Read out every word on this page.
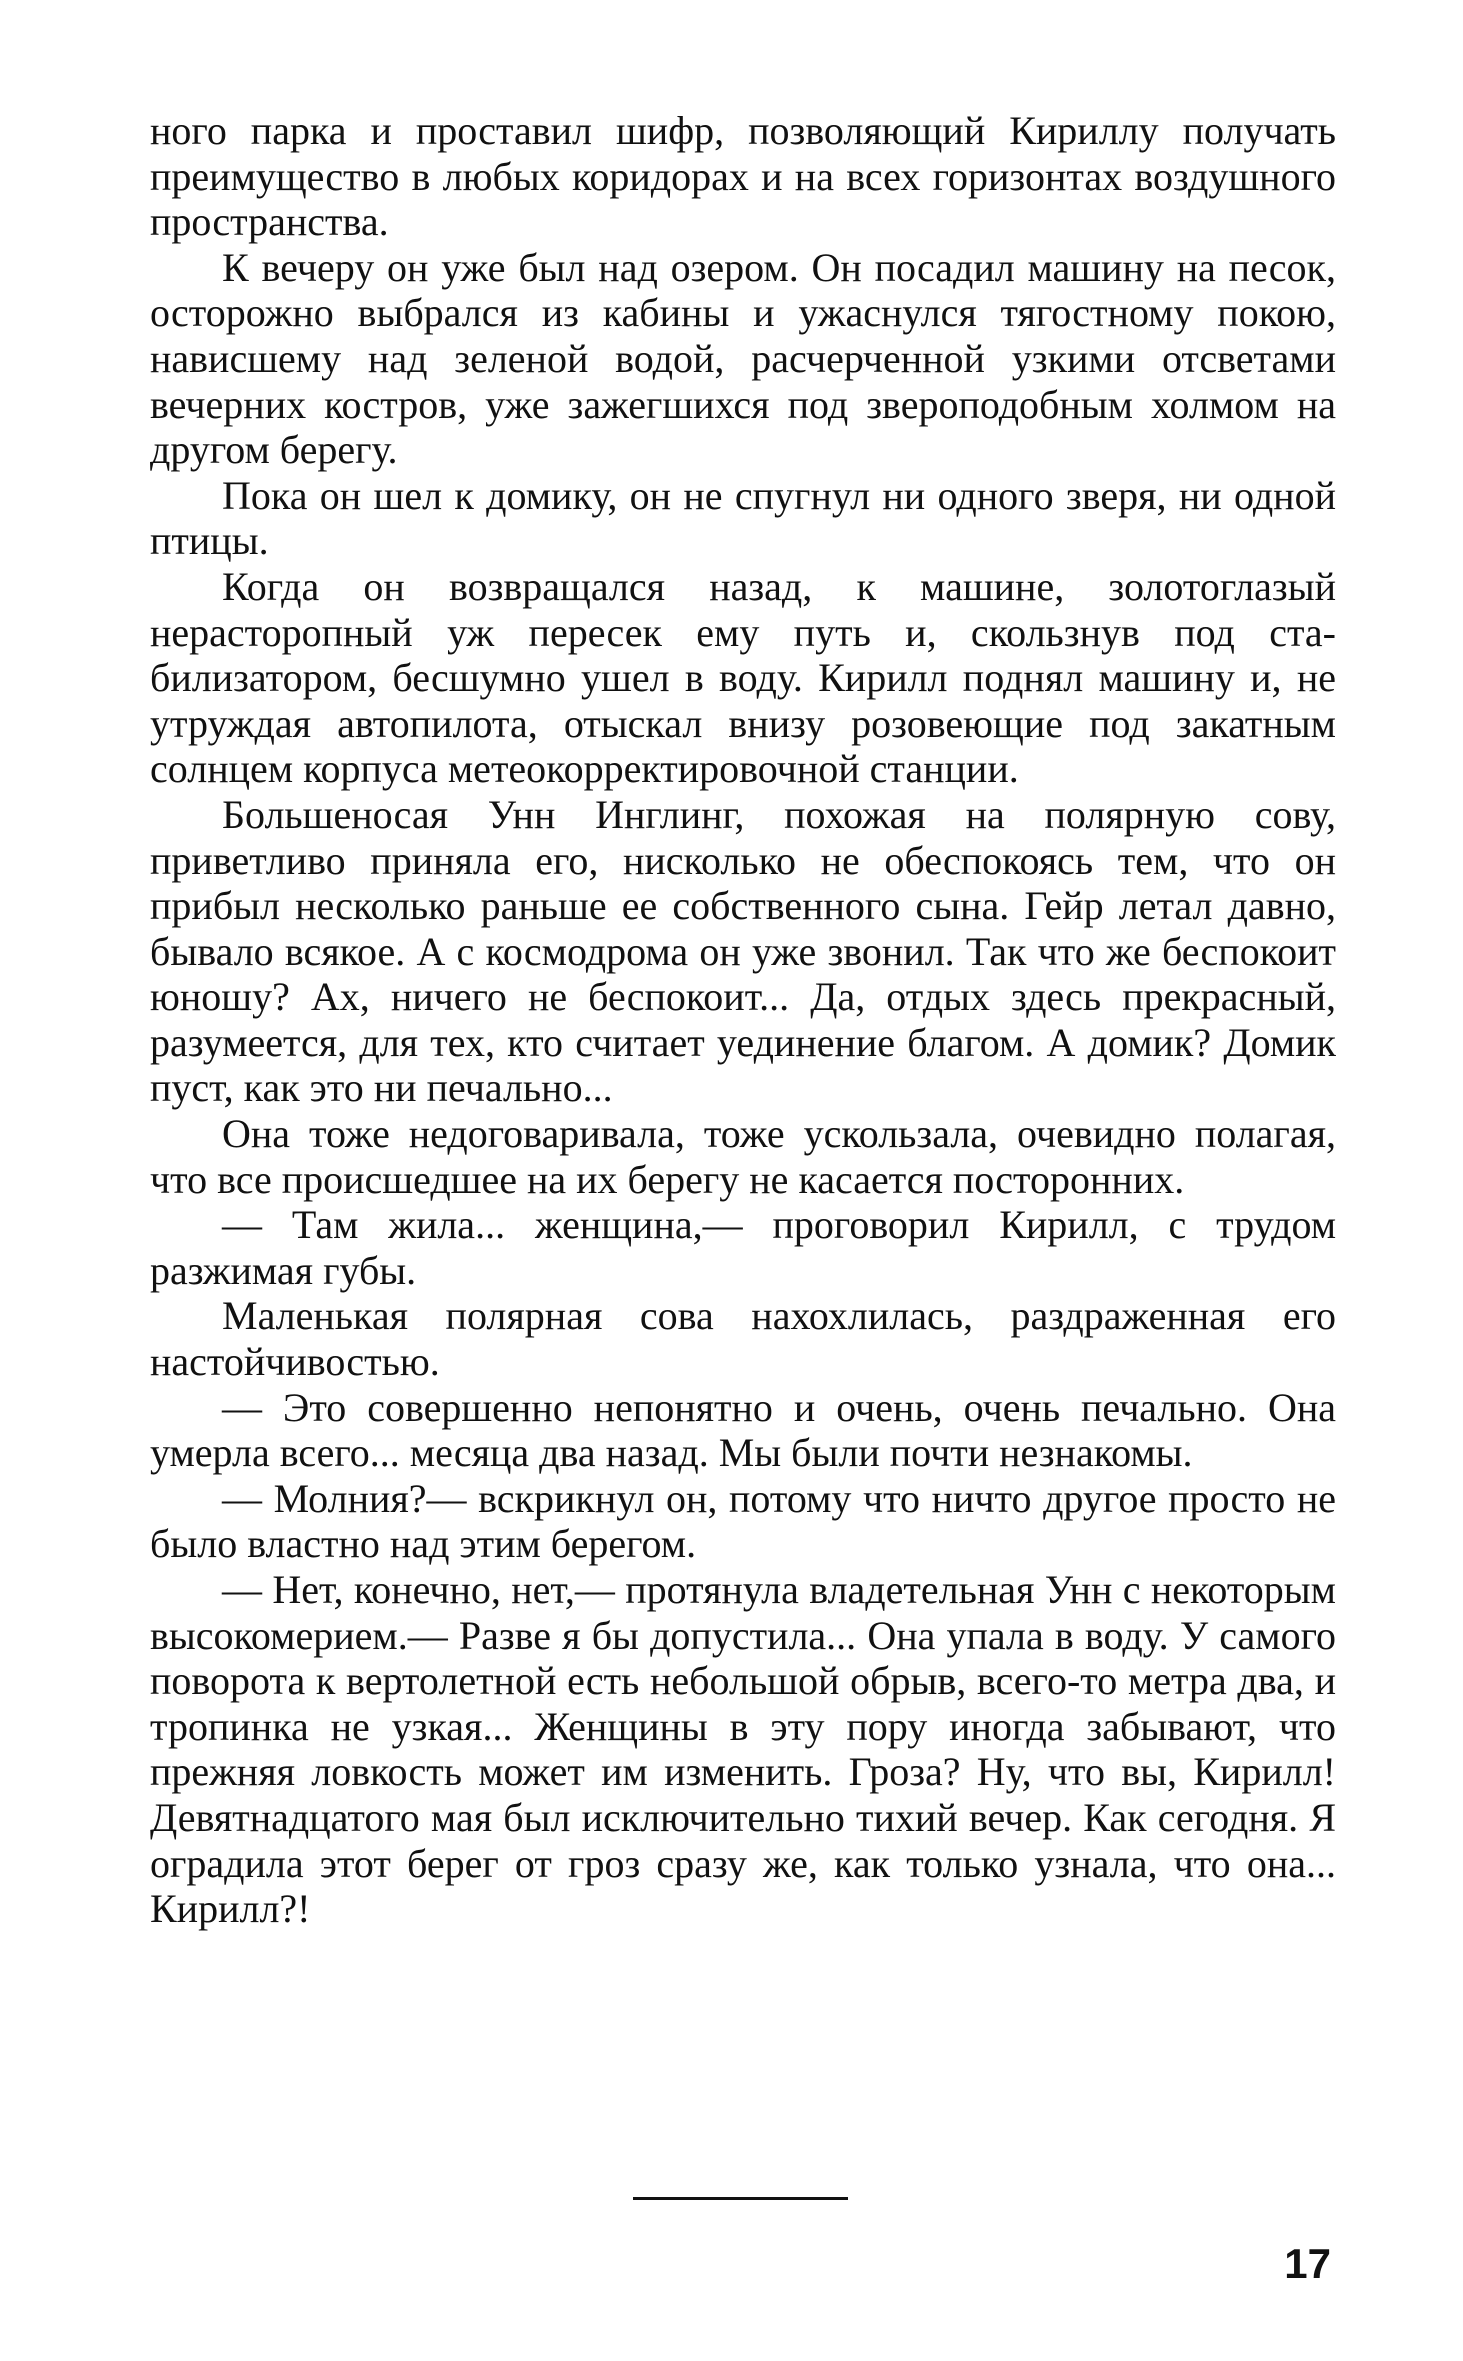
ного парка и проставил шифр, позволяющий Кириллу получать преимущество в любых коридорах и на всех горизонтах воздушного пространства.

К вечеру он уже был над озером. Он посадил машину на песок, осторожно выбрался из кабины и ужаснулся тягостному покою, нависшему над зеленой водой, расчерченной узкими отсветами вечерних костров, уже зажегшихся под звероподобным холмом на другом берегу.

Пока он шел к домику, он не спугнул ни одного зверя, ни одной птицы.

Когда он возвращался назад, к машине, золотоглазый нерасторопный уж пересек ему путь и, скользнув под стабилизатором, бесшумно ушел в воду. Кирилл поднял машину и, не утруждая автопилота, отыскал внизу розовеющие под закатным солнцем корпуса метеокорректировочной станции.

Большеносая Унн Инглинг, похожая на полярную сову, приветливо приняла его, нисколько не обеспокоясь тем, что он прибыл несколько раньше ее собственного сына. Гейр летал давно, бывало всякое. А с космодрома он уже звонил. Так что же беспокоит юношу? Ах, ничего не беспокоит... Да, отдых здесь прекрасный, разумеется, для тех, кто считает уединение благом. А домик? Домик пуст, как это ни печально...

Она тоже недоговаривала, тоже ускользала, очевидно полагая, что все происшедшее на их берегу не касается посторонних.

— Там жила... женщина,— проговорил Кирилл, с трудом разжимая губы.

Маленькая полярная сова нахохлилась, раздраженная его настойчивостью.

— Это совершенно непонятно и очень, очень печально. Она умерла всего... месяца два назад. Мы были почти незнакомы.

— Молния?— вскрикнул он, потому что ничто другое просто не было властно над этим берегом.

— Нет, конечно, нет,— протянула владетельная Унн с некоторым высокомерием.— Разве я бы допустила... Она упала в воду. У самого поворота к вертолетной есть небольшой обрыв, всего-то метра два, и тропинка не узкая... Женщины в эту пору иногда забывают, что прежняя ловкость может им изменить. Гроза? Ну, что вы, Кирилл! Девятнадцатого мая был исключительно тихий вечер. Как сегодня. Я оградила этот берег от гроз сразу же, как только узнала, что она... Кирилл?!

17
